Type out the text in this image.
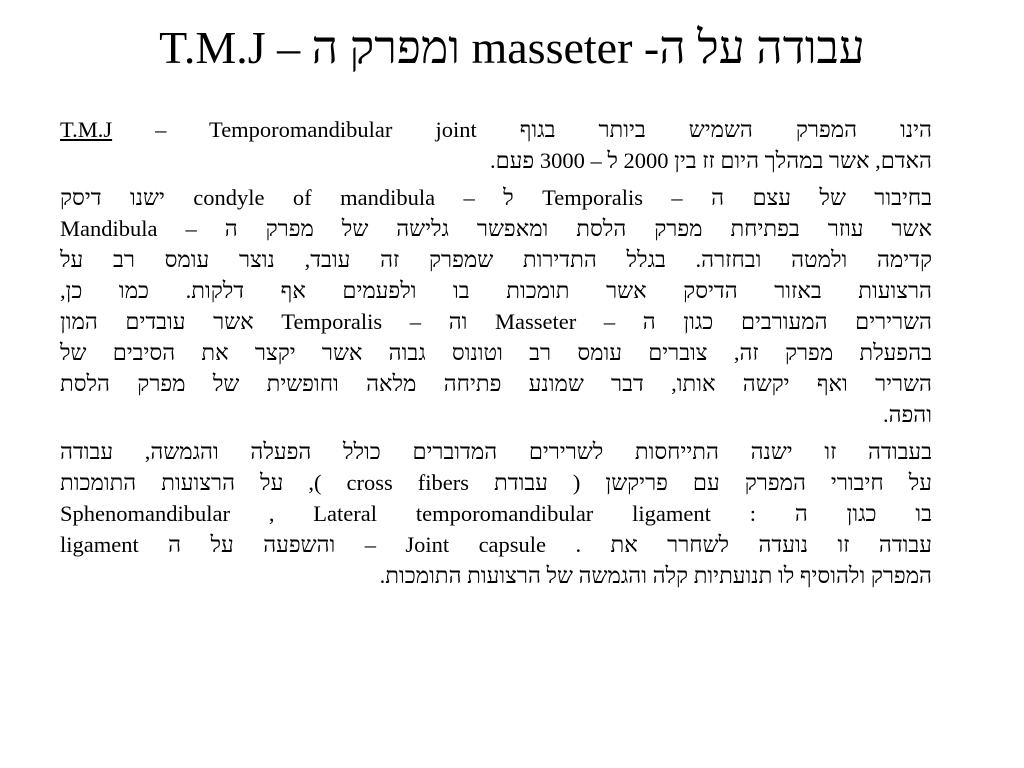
עבודה על ה- masseter ומפרק ה – T.M.J

T.M.J – Temporomandibular joint הינו המפרק השמיש ביותר בגוף
האדם, אשר במהלך היום זז בין 2000 ל – 3000 פעם.

בחיבור של עצם ה – Temporalis ל – condyle of mandibula ישנו דיסק
אשר עוזר בפתיחת מפרק הלסת ומאפשר גלישה של מפרק ה – Mandibula
קדימה ולמטה ובחזרה. בגלל התדירות שמפרק זה עובד, נוצר עומס רב על
הרצועות באזור הדיסק אשר תומכות בו ולפעמים אף דלקות. כמו כן,
השרירים המעורבים כגון ה – Masseter וה – Temporalis אשר עובדים המון
בהפעלת מפרק זה, צוברים עומס רב וטונוס גבוה אשר יקצר את הסיבים של
השריר ואף יקשה אותו, דבר שמונע פתיחה מלאה וחופשית של מפרק הלסת
והפה.

בעבודה זו ישנה התייחסות לשרירים המדוברים כולל הפעלה והגמשה, עבודה
על חיבורי המפרק עם פריקשן ( עבודת cross fibers ), על הרצועות התומכות
בו כגון ה : Sphenomandibular , Lateral temporomandibular ligament
ligament והשפעה על ה – Joint capsule . עבודה זו נועדה לשחרר את
המפרק ולהוסיף לו תנועתיות קלה והגמשה של הרצועות התומכות.
